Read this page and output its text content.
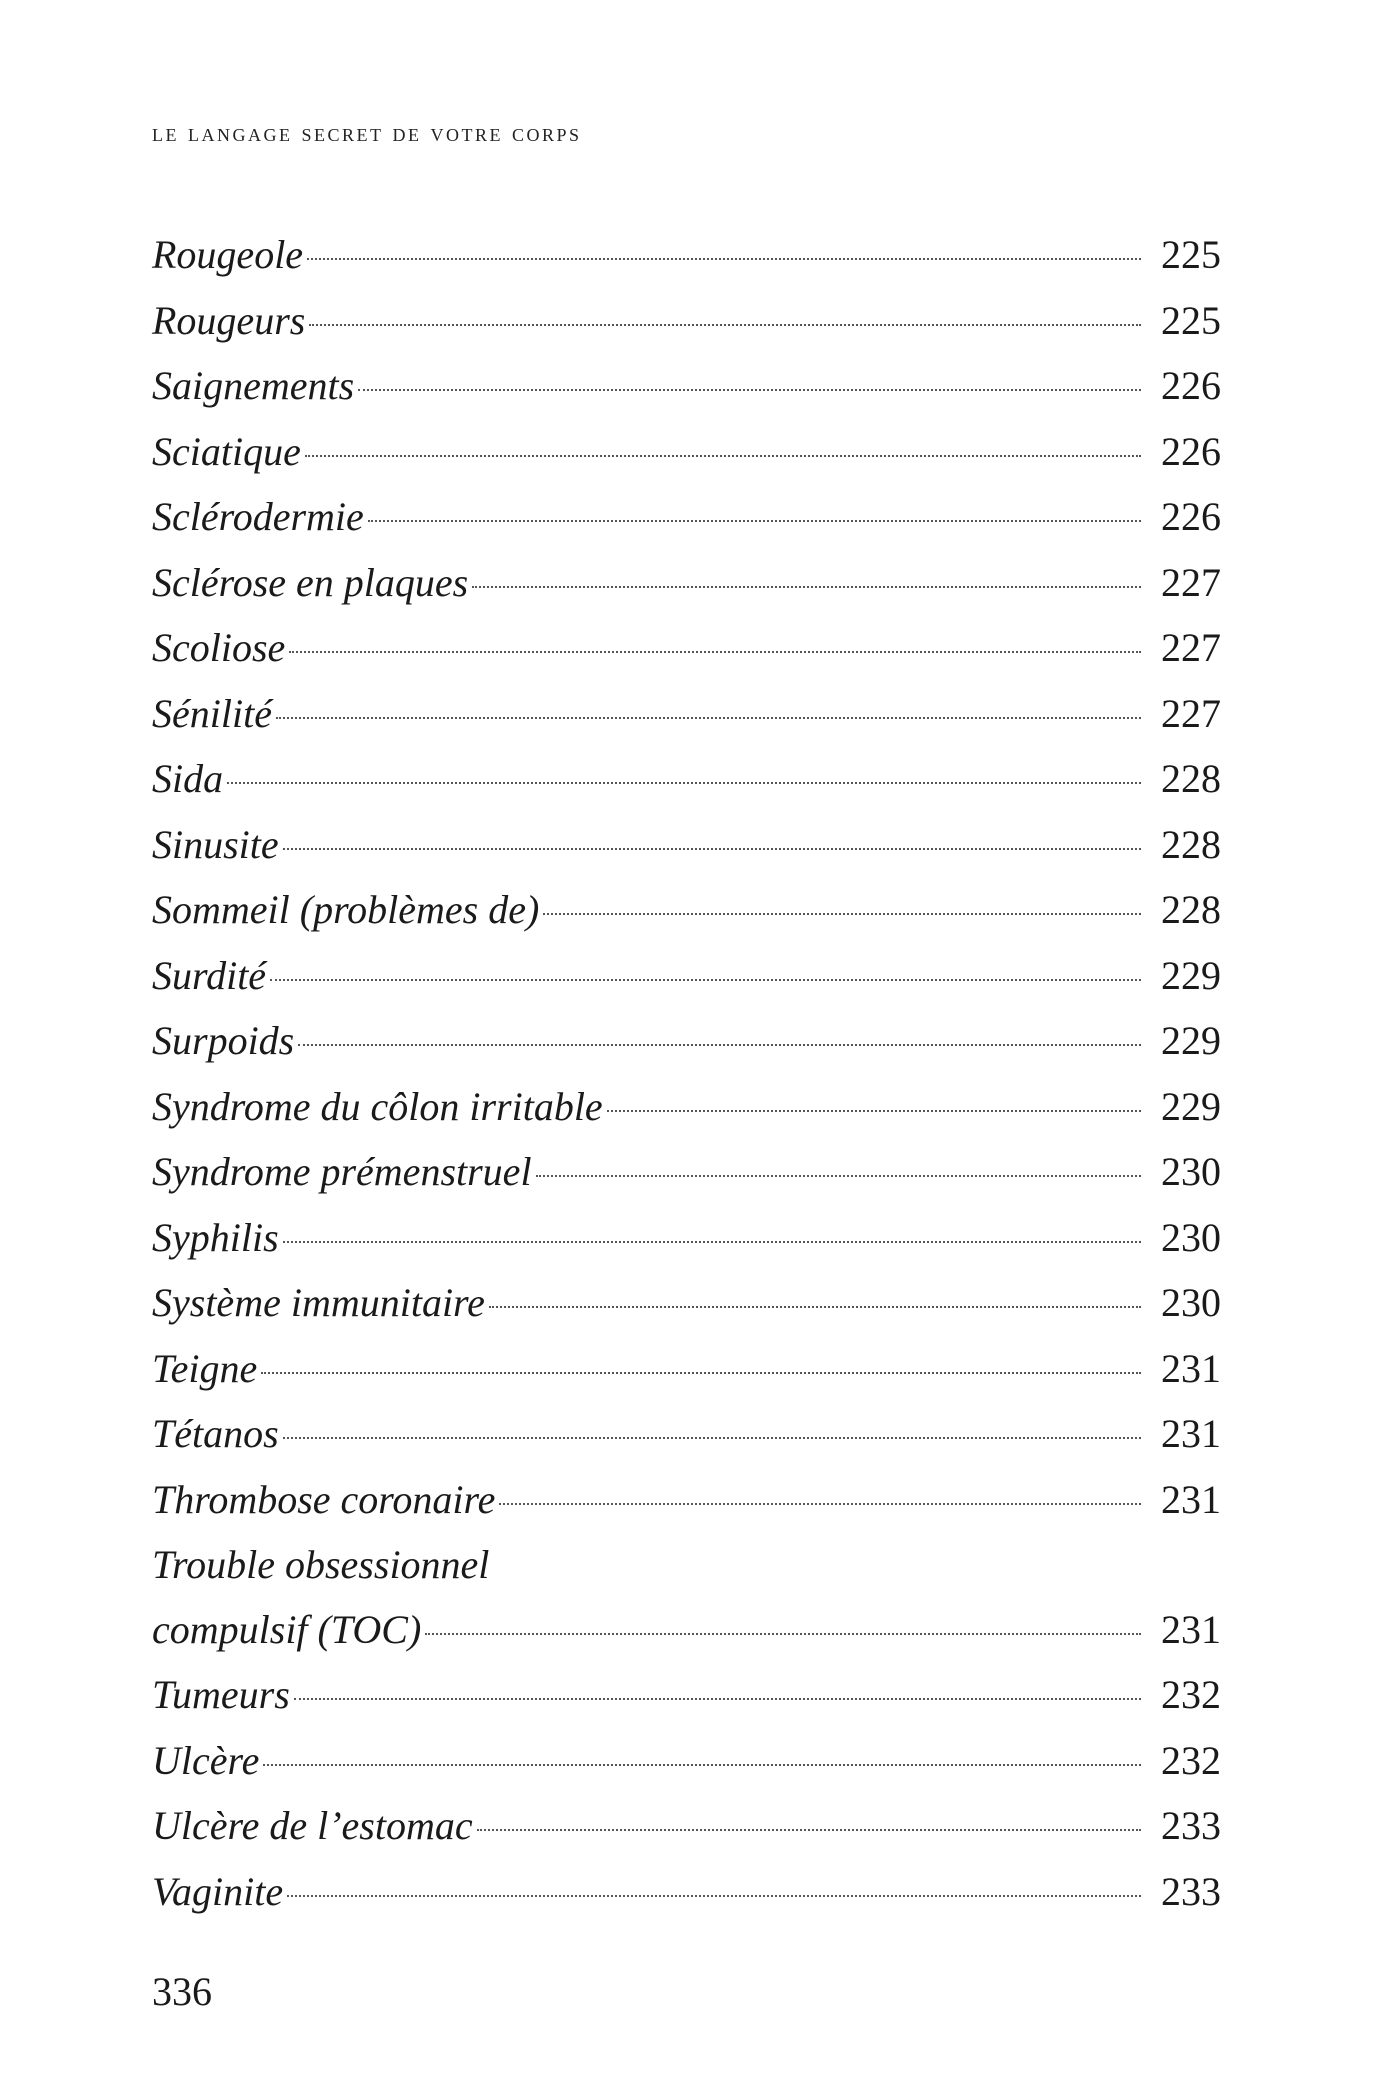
le langage secret de votre corps
Rougeole	225
Rougeurs	225
Saignements	226
Sciatique	226
Sclérodermie	226
Sclérose en plaques	227
Scoliose	227
Sénilité	227
Sida	228
Sinusite	228
Sommeil (problèmes de)	228
Surdité	229
Surpoids	229
Syndrome du côlon irritable	229
Syndrome prémenstruel	230
Syphilis	230
Système immunitaire	230
Teigne	231
Tétanos	231
Thrombose coronaire	231
Trouble obsessionnel
compulsif (TOC)	231
Tumeurs	232
Ulcère	232
Ulcère de l’estomac	233
Vaginite	233
336
